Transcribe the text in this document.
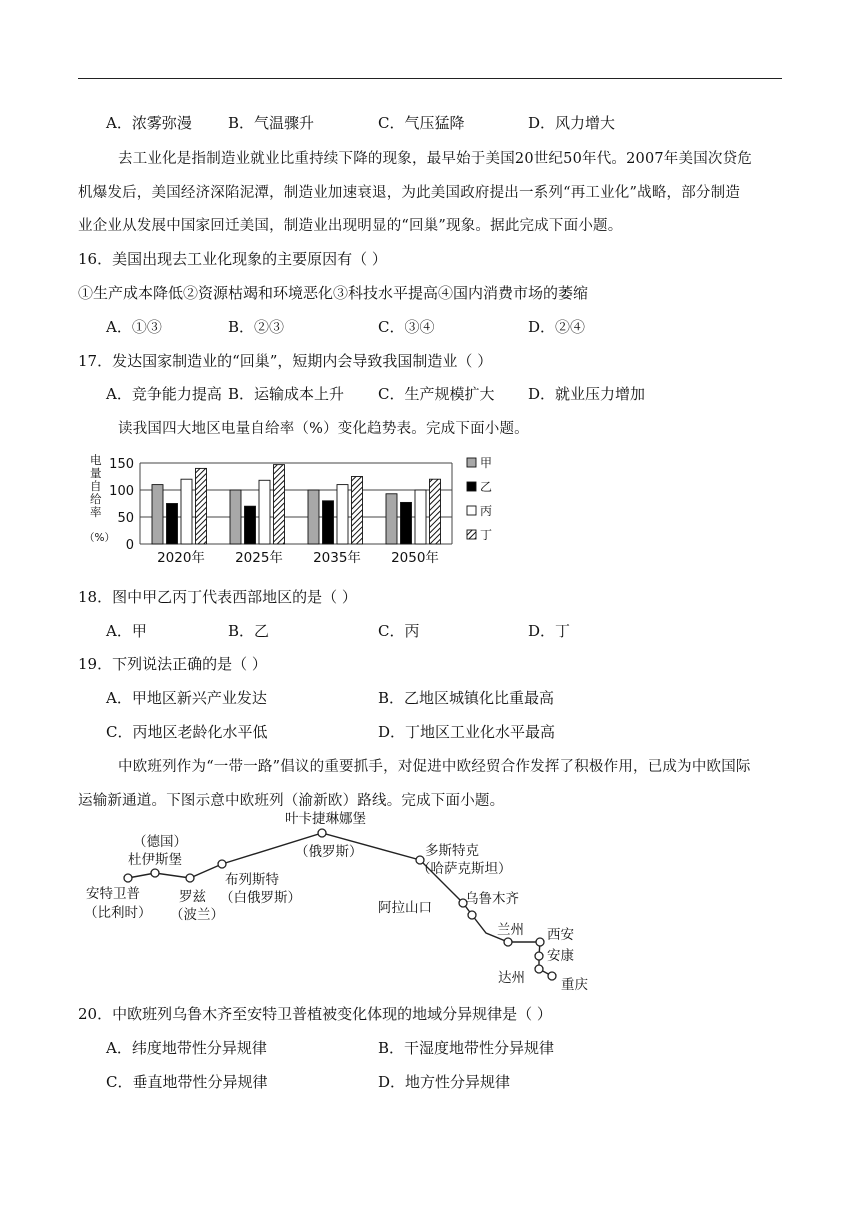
A．浓雾弥漫 B．气温骤升	C．气压猛降	D．风力增大
去工业化是指制造业就业比重持续下降的现象，最早始于美国20世纪50年代。2007年美国次贷危
机爆发后，美国经济深陷泥潭，制造业加速衰退，为此美国政府提出一系列“再工业化”战略，部分制造
业企业从发展中国家回迁美国，制造业出现明显的“回巢”现象。据此完成下面小题。
16．美国出现去工业化现象的主要原因有（ ）
①生产成本降低②资源枯竭和环境恶化③科技水平提高④国内消费市场的萎缩
A．①③	B．②③	C．③④	D．②④
17．发达国家制造业的“回巢”，短期内会导致我国制造业（ ）
A．竞争能力提高 B．运输成本上升 C．生产规模扩大 D．就业压力增加
读我国四大地区电量自给率（%）变化趋势表。完成下面小题。
电
量
自
给
率
（%） 0
50
100
150
2020年 2025年 2035年 2050年
甲
乙
丙
丁
18．图中甲乙丙丁代表西部地区的是（ ）
A．甲	B．乙	C．丙	D．丁
19．下列说法正确的是（ ）
A．甲地区新兴产业发达	B．乙地区城镇化比重最高
C．丙地区老龄化水平低	D．丁地区工业化水平最高
中欧班列作为“一带一路”倡议的重要抓手，对促进中欧经贸合作发挥了积极作用，已成为中欧国际
运输新通道。下图示意中欧班列（渝新欧）路线。完成下面小题。
叶卡捷琳娜堡
（俄罗斯）
（德国）
杜伊斯堡
安特卫普
（比利时）
罗兹
（波兰）
布列斯特
（白俄罗斯）
多斯特克
（哈萨克斯坦）
阿拉山口
乌鲁木齐
兰州 西安
安康
达州	重庆
20．中欧班列乌鲁木齐至安特卫普植被变化体现的地域分异规律是（ ）
A．纬度地带性分异规律	B．干湿度地带性分异规律
C．垂直地带性分异规律	D．地方性分异规律
